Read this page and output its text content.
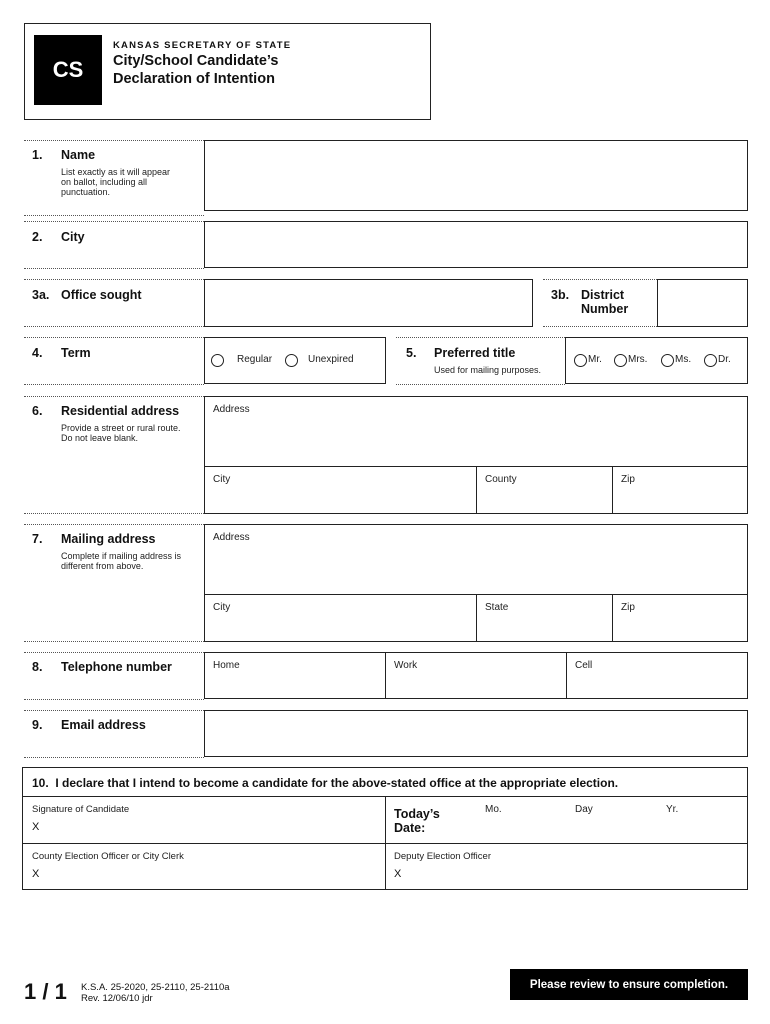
CS
KANSAS SECRETARY OF STATE
City/School Candidate’s
Declaration of Intention
1. Name
List exactly as it will appear
on ballot, including all
punctuation.
2. City
3a. Office sought	3b. District
Number
4. Term	Regular	Unexpired	5. Preferred title
Used for mailing purposes.
Mr.	Mrs.	Ms.	Dr.
6. Residential address
Provide a street or rural route.
Do not leave blank.
Address
City	County	Zip
7. Mailing address
Complete if mailing address is
different from above.
Address
City	State	Zip
8. Telephone number	Home	Work	Cell
9. Email address
10.  I declare that I intend to become a candidate for the above-stated office at the appropriate election.
Signature of Candidate
X
Today’s
Date:
Mo.	Day	Yr.
County Election Officer or City Clerk
X
Deputy Election Officer
X
1 / 1 K.S.A. 25-2020, 25-2110, 25-2110a
Rev. 12/06/10 jdr
Please review to ensure completion.
